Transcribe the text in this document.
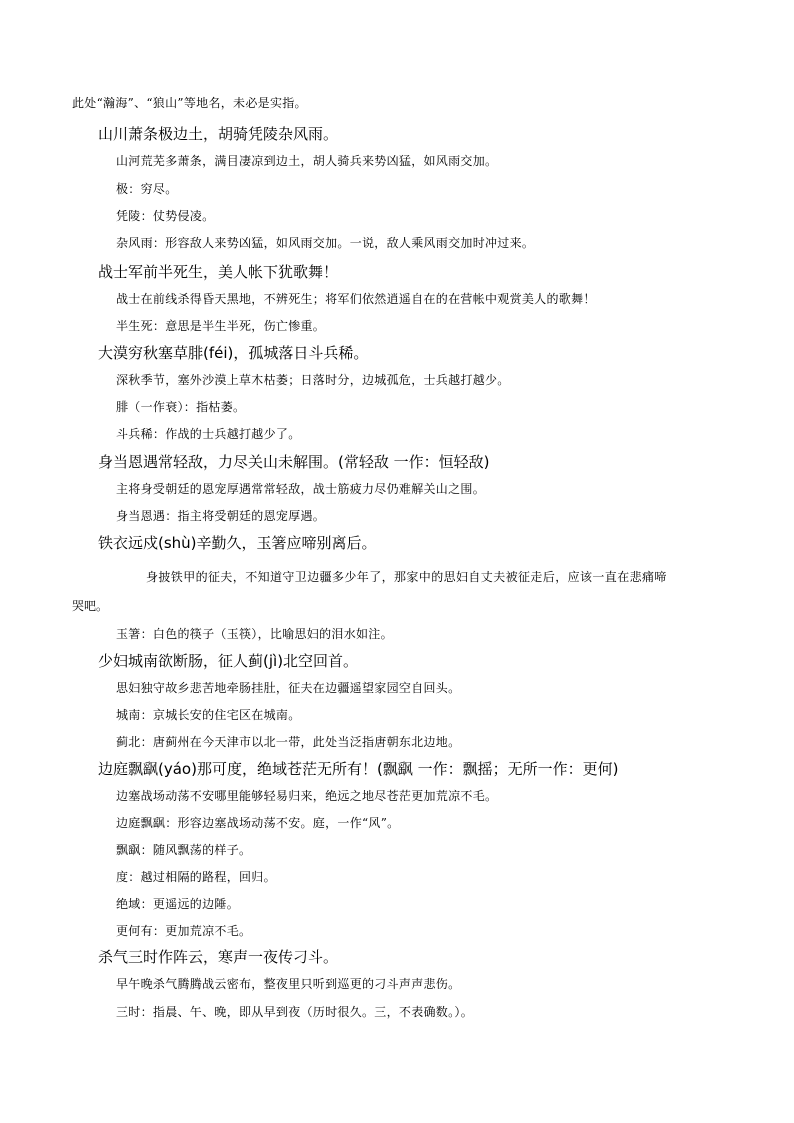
此处“瀚海”、“狼山”等地名，未必是实指。
山川萧条极边土，胡骑凭陵杂风雨。
山河荒芜多萧条，满目凄凉到边土，胡人骑兵来势凶猛，如风雨交加。
极：穷尽。
凭陵：仗势侵凌。
杂风雨：形容敌人来势凶猛，如风雨交加。一说，敌人乘风雨交加时冲过来。
战士军前半死生，美人帐下犹歌舞！
战士在前线杀得昏天黑地，不辨死生；将军们依然逍遥自在的在营帐中观赏美人的歌舞！
半生死：意思是半生半死，伤亡惨重。
大漠穷秋塞草腓(féi)，孤城落日斗兵稀。
深秋季节，塞外沙漠上草木枯萎；日落时分，边城孤危，士兵越打越少。
腓（一作衰）：指枯萎。
斗兵稀：作战的士兵越打越少了。
身当恩遇常轻敌，力尽关山未解围。(常轻敌 一作：恒轻敌)
主将身受朝廷的恩宠厚遇常常轻敌，战士筋疲力尽仍难解关山之围。
身当恩遇：指主将受朝廷的恩宠厚遇。
铁衣远戍(shù)辛勤久，玉箸应啼别离后。
身披铁甲的征夫，不知道守卫边疆多少年了，那家中的思妇自丈夫被征走后，应该一直在悲痛啼
哭吧。
玉箸：白色的筷子（玉筷），比喻思妇的泪水如注。
少妇城南欲断肠，征人蓟(jì)北空回首。
思妇独守故乡悲苦地牵肠挂肚，征夫在边疆遥望家园空自回头。
城南：京城长安的住宅区在城南。
蓟北：唐蓟州在今天津市以北一带，此处当泛指唐朝东北边地。
边庭飘飖(yáo)那可度，绝域苍茫无所有！(飘飖 一作：飘摇；无所一作：更何)
边塞战场动荡不安哪里能够轻易归来，绝远之地尽苍茫更加荒凉不毛。
边庭飘飖：形容边塞战场动荡不安。庭，一作“风”。
飘飖：随风飘荡的样子。
度：越过相隔的路程，回归。
绝域：更遥远的边陲。
更何有：更加荒凉不毛。
杀气三时作阵云，寒声一夜传刁斗。
早午晚杀气腾腾战云密布，整夜里只听到巡更的刁斗声声悲伤。
三时：指晨、午、晚，即从早到夜（历时很久。三，不表确数。）。
